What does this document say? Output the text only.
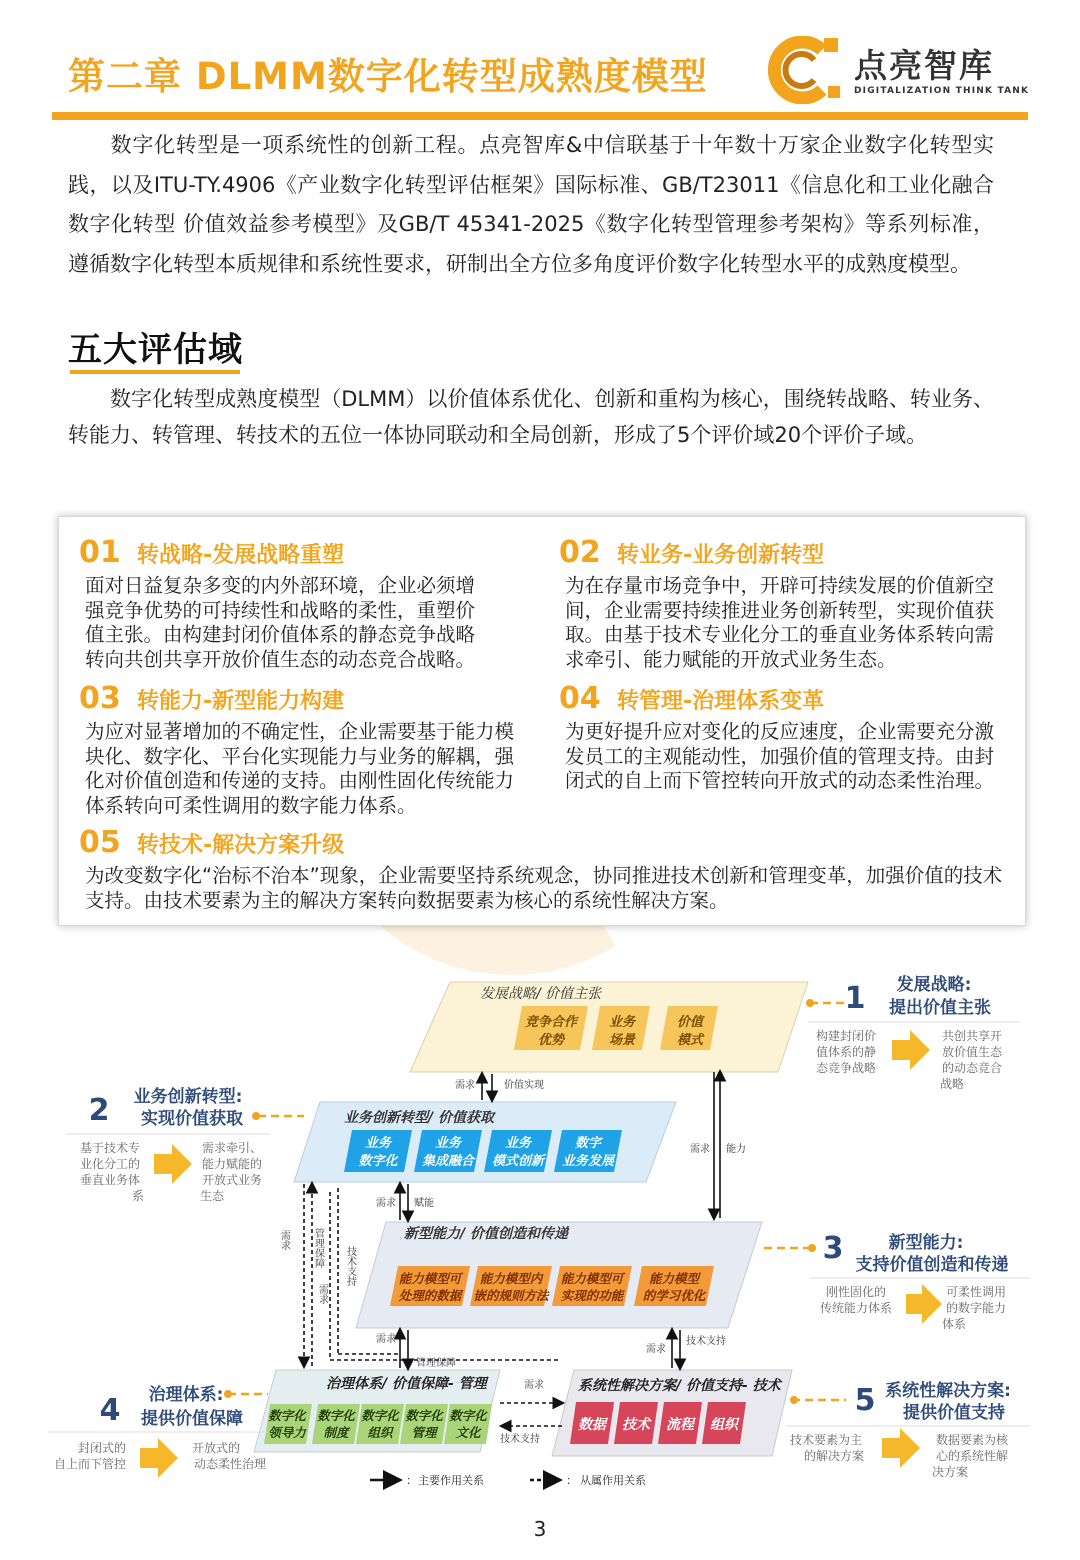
第二章 DLMM数字化转型成熟度模型	点亮智库
DIGITALIZATION THINK TANK
数字化转型是一项系统性的创新工程。点亮智库&中信联基于十年数十万家企业数字化转型实践，以及ITU-TY.4906《产业数字化转型评估框架》国际标准、GB/T23011《信息化和工业化融合 数字化转型 价值效益参考模型》及GB/T 45341-2025《数字化转型管理参考架构》等系列标准，遵循数字化转型本质规律和系统性要求，研制出全方位多角度评价数字化转型水平的成熟度模型。
五大评估域
数字化转型成熟度模型（DLMM）以价值体系优化、创新和重构为核心，围绕转战略、转业务、转能力、转管理、转技术的五位一体协同联动和全局创新，形成了5个评价域20个评价子域。
01 转战略-发展战略重塑
面对日益复杂多变的内外部环境，企业必须增强竞争优势的可持续性和战略的柔性，重塑价值主张。由构建封闭价值体系的静态竞争战略转向共创共享开放价值生态的动态竞合战略。
02 转业务-业务创新转型
为在存量市场竞争中，开辟可持续发展的价值新空间，企业需要持续推进业务创新转型，实现价值获取。由基于技术专业化分工的垂直业务体系转向需求牵引、能力赋能的开放式业务生态。
03 转能力-新型能力构建
为应对显著增加的不确定性，企业需要基于能力模块化、数字化、平台化实现能力与业务的解耦，强化对价值创造和传递的支持。由刚性固化传统能力体系转向可柔性调用的数字能力体系。
04 转管理-治理体系变革
为更好提升应对变化的反应速度，企业需要充分激发员工的主观能动性，加强价值的管理支持。由封闭式的自上而下管控转向开放式的动态柔性治理。
05 转技术-解决方案升级
为改变数字化“治标不治本”现象，企业需要坚持系统观念，协同推进技术创新和管理变革，加强价值的技术支持。由技术要素为主的解决方案转向数据要素为核心的系统性解决方案。
发展战略/ 价值主张
竞争合作
优势
业务
场景
价值
模式
业务创新转型/ 价值获取
业务
数字化
业务
集成融合
业务
模式创新
数字
业务发展
新型能力/ 价值创造和传递
能力模型可
处理的数据
能力模型内
嵌的规则方法
能力模型可
实现的功能
能力模型
的学习优化
治理体系/ 价值保障- 管理
数字化
领导力
数字化
制度
数字化
组织
数字化
管理
数字化
文化
系统性解决方案/ 价值支持- 技术
数据 技术 流程 组织
需求	价值实现
需求 能力
需求 赋能
需求
管理保障
需求
技术支持
需求
技术支持
需求 管理保障
需求
技术支持
1 发展战略:
提出价值主张
构建封闭价
值体系的静
态竞争战略
共创共享开
放价值生态
的动态竞合
战略
2 业务创新转型:
实现价值获取
基于技术专
业化分工的
垂直业务体
系
需求牵引、
能力赋能的
开放式业务
生态
3	新型能力:
支持价值创造和传递
刚性固化的
传统能力体系
可柔性调用
的数字能力
体系
4 治理体系:
提供价值保障
封闭式的
自上而下管控
开放式的
动态柔性治理
5 系统性解决方案:
提供价值支持
技术要素为主
的解决方案
数据要素为核
心的系统性解
决方案
： 主要作用关系	： 从属作用关系
3
